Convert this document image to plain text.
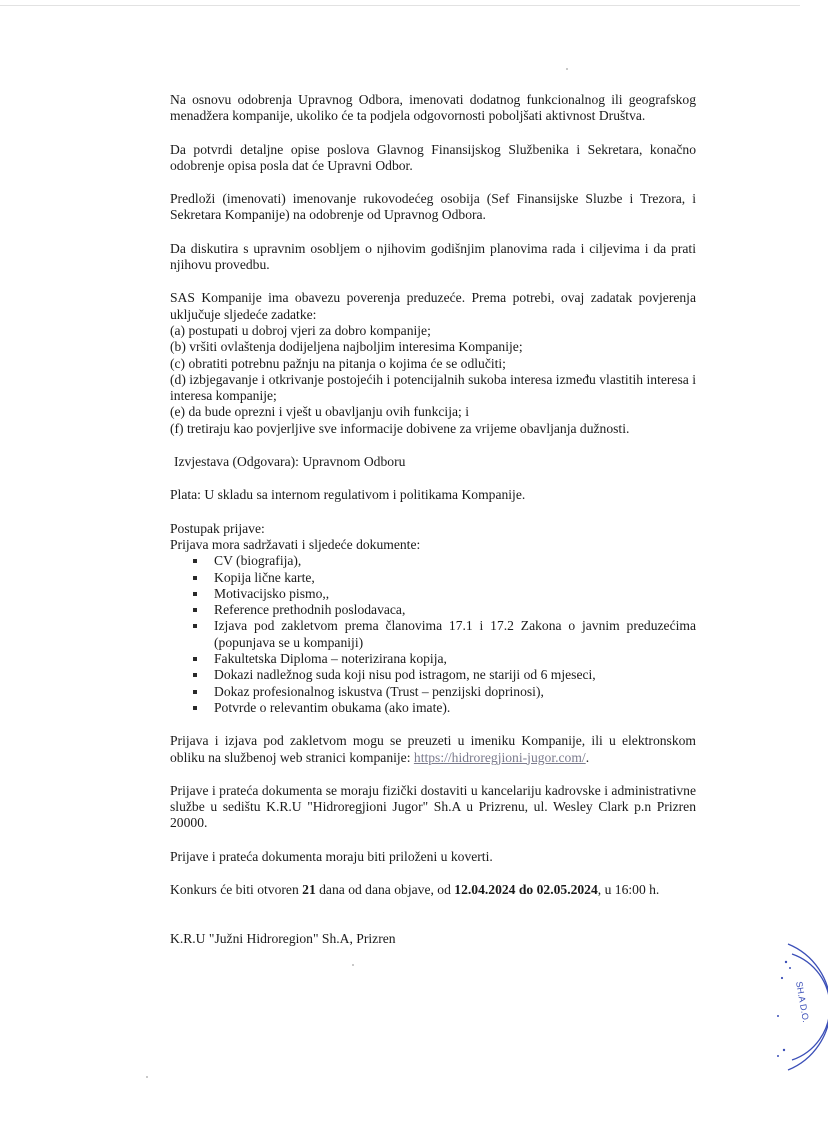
Na osnovu odobrenja Upravnog Odbora, imenovati dodatnog funkcionalnog ili geografskog menadžera kompanije, ukoliko će ta podjela odgovornosti poboljšati aktivnost Društva.

Da potvrdi detaljne opise poslova Glavnog Finansijskog Službenika i Sekretara, konačno odobrenje opisa posla dat će Upravni Odbor.

Predloži (imenovati) imenovanje rukovodećeg osobija (Sef Finansijske Sluzbe i Trezora, i Sekretara Kompanije) na odobrenje od Upravnog Odbora.

Da diskutira s upravnim osobljem o njihovim godišnjim planovima rada i ciljevima i da prati njihovu provedbu.

SAS Kompanije ima obavezu poverenja preduzeće. Prema potrebi, ovaj zadatak povjerenja uključuje sljedeće zadatke:
(a) postupati u dobroj vjeri za dobro kompanije;
(b) vršiti ovlaštenja dodijeljena najboljim interesima Kompanije;
(c) obratiti potrebnu pažnju na pitanja o kojima će se odlučiti;
(d) izbjegavanje i otkrivanje postojećih i potencijalnih sukoba interesa između vlastitih interesa i interesa kompanije;
(e) da bude oprezni i vješt u obavljanju ovih funkcija; i
(f) tretiraju kao povjerljive sve informacije dobivene za vrijeme obavljanja dužnosti.

Izvjestava (Odgovara): Upravnom Odboru

Plata: U skladu sa internom regulativom i politikama Kompanije.

Postupak prijave:
Prijava mora sadržavati i sljedeće dokumente:
CV (biografija),
Kopija lične karte,
Motivacijsko pismo,,
Reference prethodnih poslodavaca,
Izjava pod zakletvom prema članovima 17.1 i 17.2 Zakona o javnim preduzećima (popunjava se u kompaniji)
Fakultetska Diploma – noterizirana kopija,
Dokazi nadležnog suda koji nisu pod istragom, ne stariji od 6 mjeseci,
Dokaz profesionalnog iskustva (Trust – penzijski doprinosi),
Potvrde o relevantim obukama (ako imate).

Prijava i izjava pod zakletvom mogu se preuzeti u imeniku Kompanije, ili u elektronskom obliku na službenoj web stranici kompanije: https://hidroregjioni-jugor.com/.

Prijave i prateća dokumenta se moraju fizički dostaviti u kancelariju kadrovske i administrativne službe u sedištu K.R.U "Hidroregjioni Jugor" Sh.A u Prizrenu, ul. Wesley Clark p.n Prizren 20000.

Prijave i prateća dokumenta moraju biti priloženi u koverti.

Konkurs će biti otvoren 21 dana od dana objave, od 12.04.2024 do 02.05.2024, u 16:00 h.

K.R.U "Južni Hidroregion" Sh.A, Prizren

SH.A D.O.
